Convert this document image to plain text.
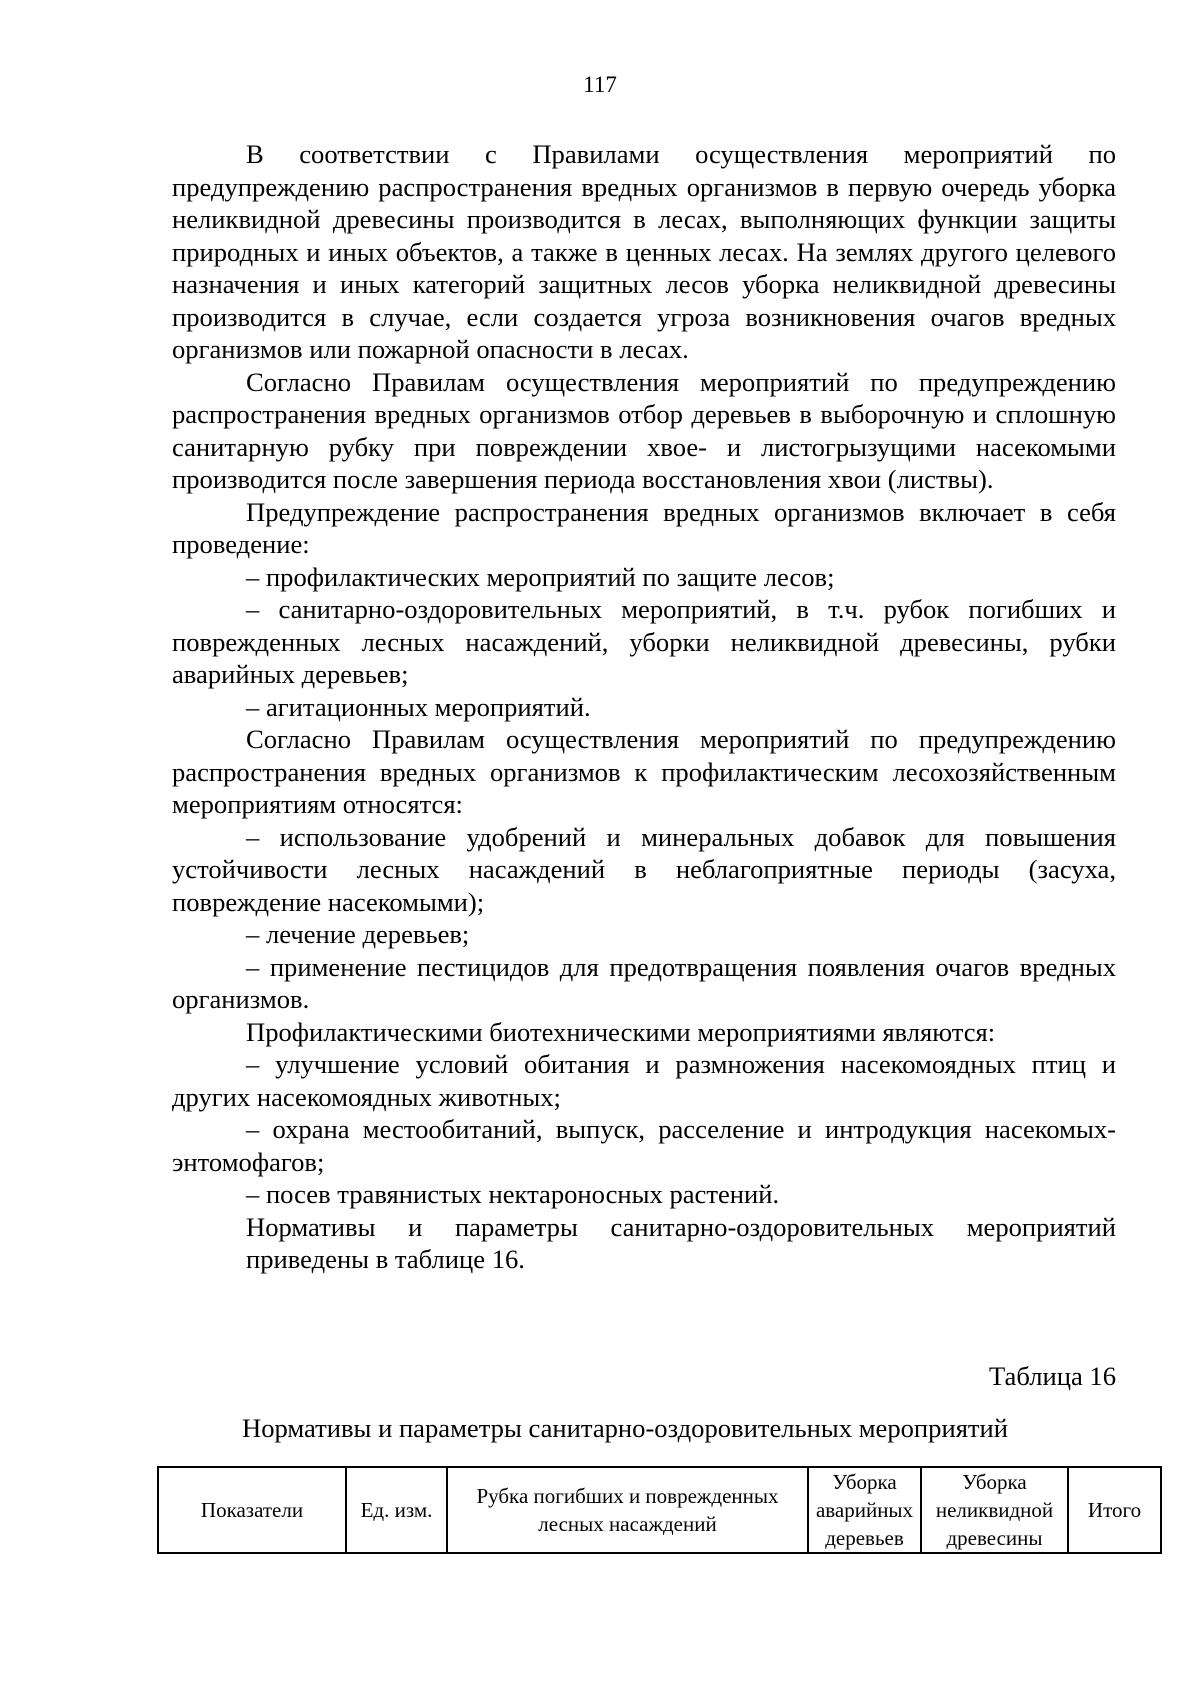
117

В соответствии с Правилами осуществления мероприятий по предупреждению распространения вредных организмов в первую очередь уборка неликвидной древесины производится в лесах, выполняющих функции защиты природных и иных объектов, а также в ценных лесах. На землях другого целевого назначения и иных категорий защитных лесов уборка неликвидной древесины производится в случае, если создается угроза возникновения очагов вредных организмов или пожарной опасности в лесах.

Согласно Правилам осуществления мероприятий по предупреждению распространения вредных организмов отбор деревьев в выборочную и сплошную санитарную рубку при повреждении хвое- и листогрызущими насекомыми производится после завершения периода восстановления хвои (листвы).

Предупреждение распространения вредных организмов включает в себя проведение:

– профилактических мероприятий по защите лесов;

– санитарно-оздоровительных мероприятий, в т.ч. рубок погибших и поврежденных лесных насаждений, уборки неликвидной древесины, рубки аварийных деревьев;

– агитационных мероприятий.

Согласно Правилам осуществления мероприятий по предупреждению распространения вредных организмов к профилактическим лесохозяйственным мероприятиям относятся:

– использование удобрений и минеральных добавок для повышения устойчивости лесных насаждений в неблагоприятные периоды (засуха, повреждение насекомыми);

– лечение деревьев;

– применение пестицидов для предотвращения появления очагов вредных организмов.

Профилактическими биотехническими мероприятиями являются:

– улучшение условий обитания и размножения насекомоядных птиц и других насекомоядных животных;

– охрана местообитаний, выпуск, расселение и интродукция насекомых-энтомофагов;

– посев травянистых нектароносных растений.

Нормативы и параметры санитарно-оздоровительных мероприятий приведены в таблице 16.

Таблица 16
Нормативы и параметры санитарно-оздоровительных мероприятий
Показатели	Ед. изм.	Рубка погибших и поврежденных лесных насаждений	Уборка аварийных деревьев	Уборка неликвидной древесины	Итого
